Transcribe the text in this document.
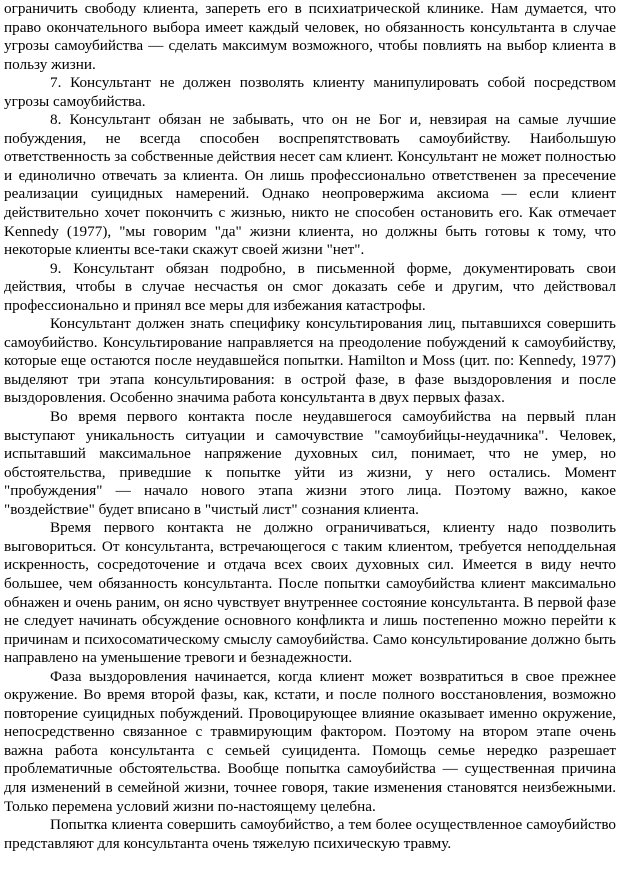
ограничить свободу клиента, запереть его в психиатрической клинике. Нам думается, что право окончательного выбора имеет каждый человек, но обязанность консультанта в случае угрозы самоубийства — сделать максимум возможного, чтобы повлиять на выбор клиента в пользу жизни.

7. Консультант не должен позволять клиенту манипулировать собой посредством угрозы самоубийства.

8. Консультант обязан не забывать, что он не Бог и, невзирая на самые лучшие побуждения, не всегда способен воспрепятствовать самоубийству. Наибольшую ответственность за собственные действия несет сам клиент. Консультант не может полностью и единолично отвечать за клиента. Он лишь профессионально ответственен за пресечение реализации суицидных намерений. Однако неопровержима аксиома — если клиент действительно хочет покончить с жизнью, никто не способен остановить его. Как отмечает Kennedy (1977), "мы говорим "да" жизни клиента, но должны быть готовы к тому, что некоторые клиенты все-таки скажут своей жизни "нет".

9. Консультант обязан подробно, в письменной форме, документировать свои действия, чтобы в случае несчастья он смог доказать себе и другим, что действовал профессионально и принял все меры для избежания катастрофы.

Консультант должен знать специфику консультирования лиц, пытавшихся совершить самоубийство. Консультирование направляется на преодоление побуждений к самоубийству, которые еще остаются после неудавшейся попытки. Hamilton и Moss (цит. по: Kennedy, 1977) выделяют три этапа консультирования: в острой фазе, в фазе выздоровления и после выздоровления. Особенно значима работа консультанта в двух первых фазах.

Во время первого контакта после неудавшегося самоубийства на первый план выступают уникальность ситуации и самочувствие "самоубийцы-неудачника". Человек, испытавший максимальное напряжение духовных сил, понимает, что не умер, но обстоятельства, приведшие к попытке уйти из жизни, у него остались. Момент "пробуждения" — начало нового этапа жизни этого лица. Поэтому важно, какое "воздействие" будет вписано в "чистый лист" сознания клиента.

Время первого контакта не должно ограничиваться, клиенту надо позволить выговориться. От консультанта, встречающегося с таким клиентом, требуется неподдельная искренность, сосредоточение и отдача всех своих духовных сил. Имеется в виду нечто большее, чем обязанность консультанта. После попытки самоубийства клиент максимально обнажен и очень раним, он ясно чувствует внутреннее состояние консультанта. В первой фазе не следует начинать обсуждение основного конфликта и лишь постепенно можно перейти к причинам и психосоматическому смыслу самоубийства. Само консультирование должно быть направлено на уменьшение тревоги и безнадежности.

Фаза выздоровления начинается, когда клиент может возвратиться в свое прежнее окружение. Во время второй фазы, как, кстати, и после полного восстановления, возможно повторение суицидных побуждений. Провоцирующее влияние оказывает именно окружение, непосредственно связанное с травмирующим фактором. Поэтому на втором этапе очень важна работа консультанта с семьей суицидента. Помощь семье нередко разрешает проблематичные обстоятельства. Вообще попытка самоубийства — существенная причина для изменений в семейной жизни, точнее говоря, такие изменения становятся неизбежными. Только перемена условий жизни по-настоящему целебна.

Попытка клиента совершить самоубийство, а тем более осуществленное самоубийство представляют для консультанта очень тяжелую психическую травму.
